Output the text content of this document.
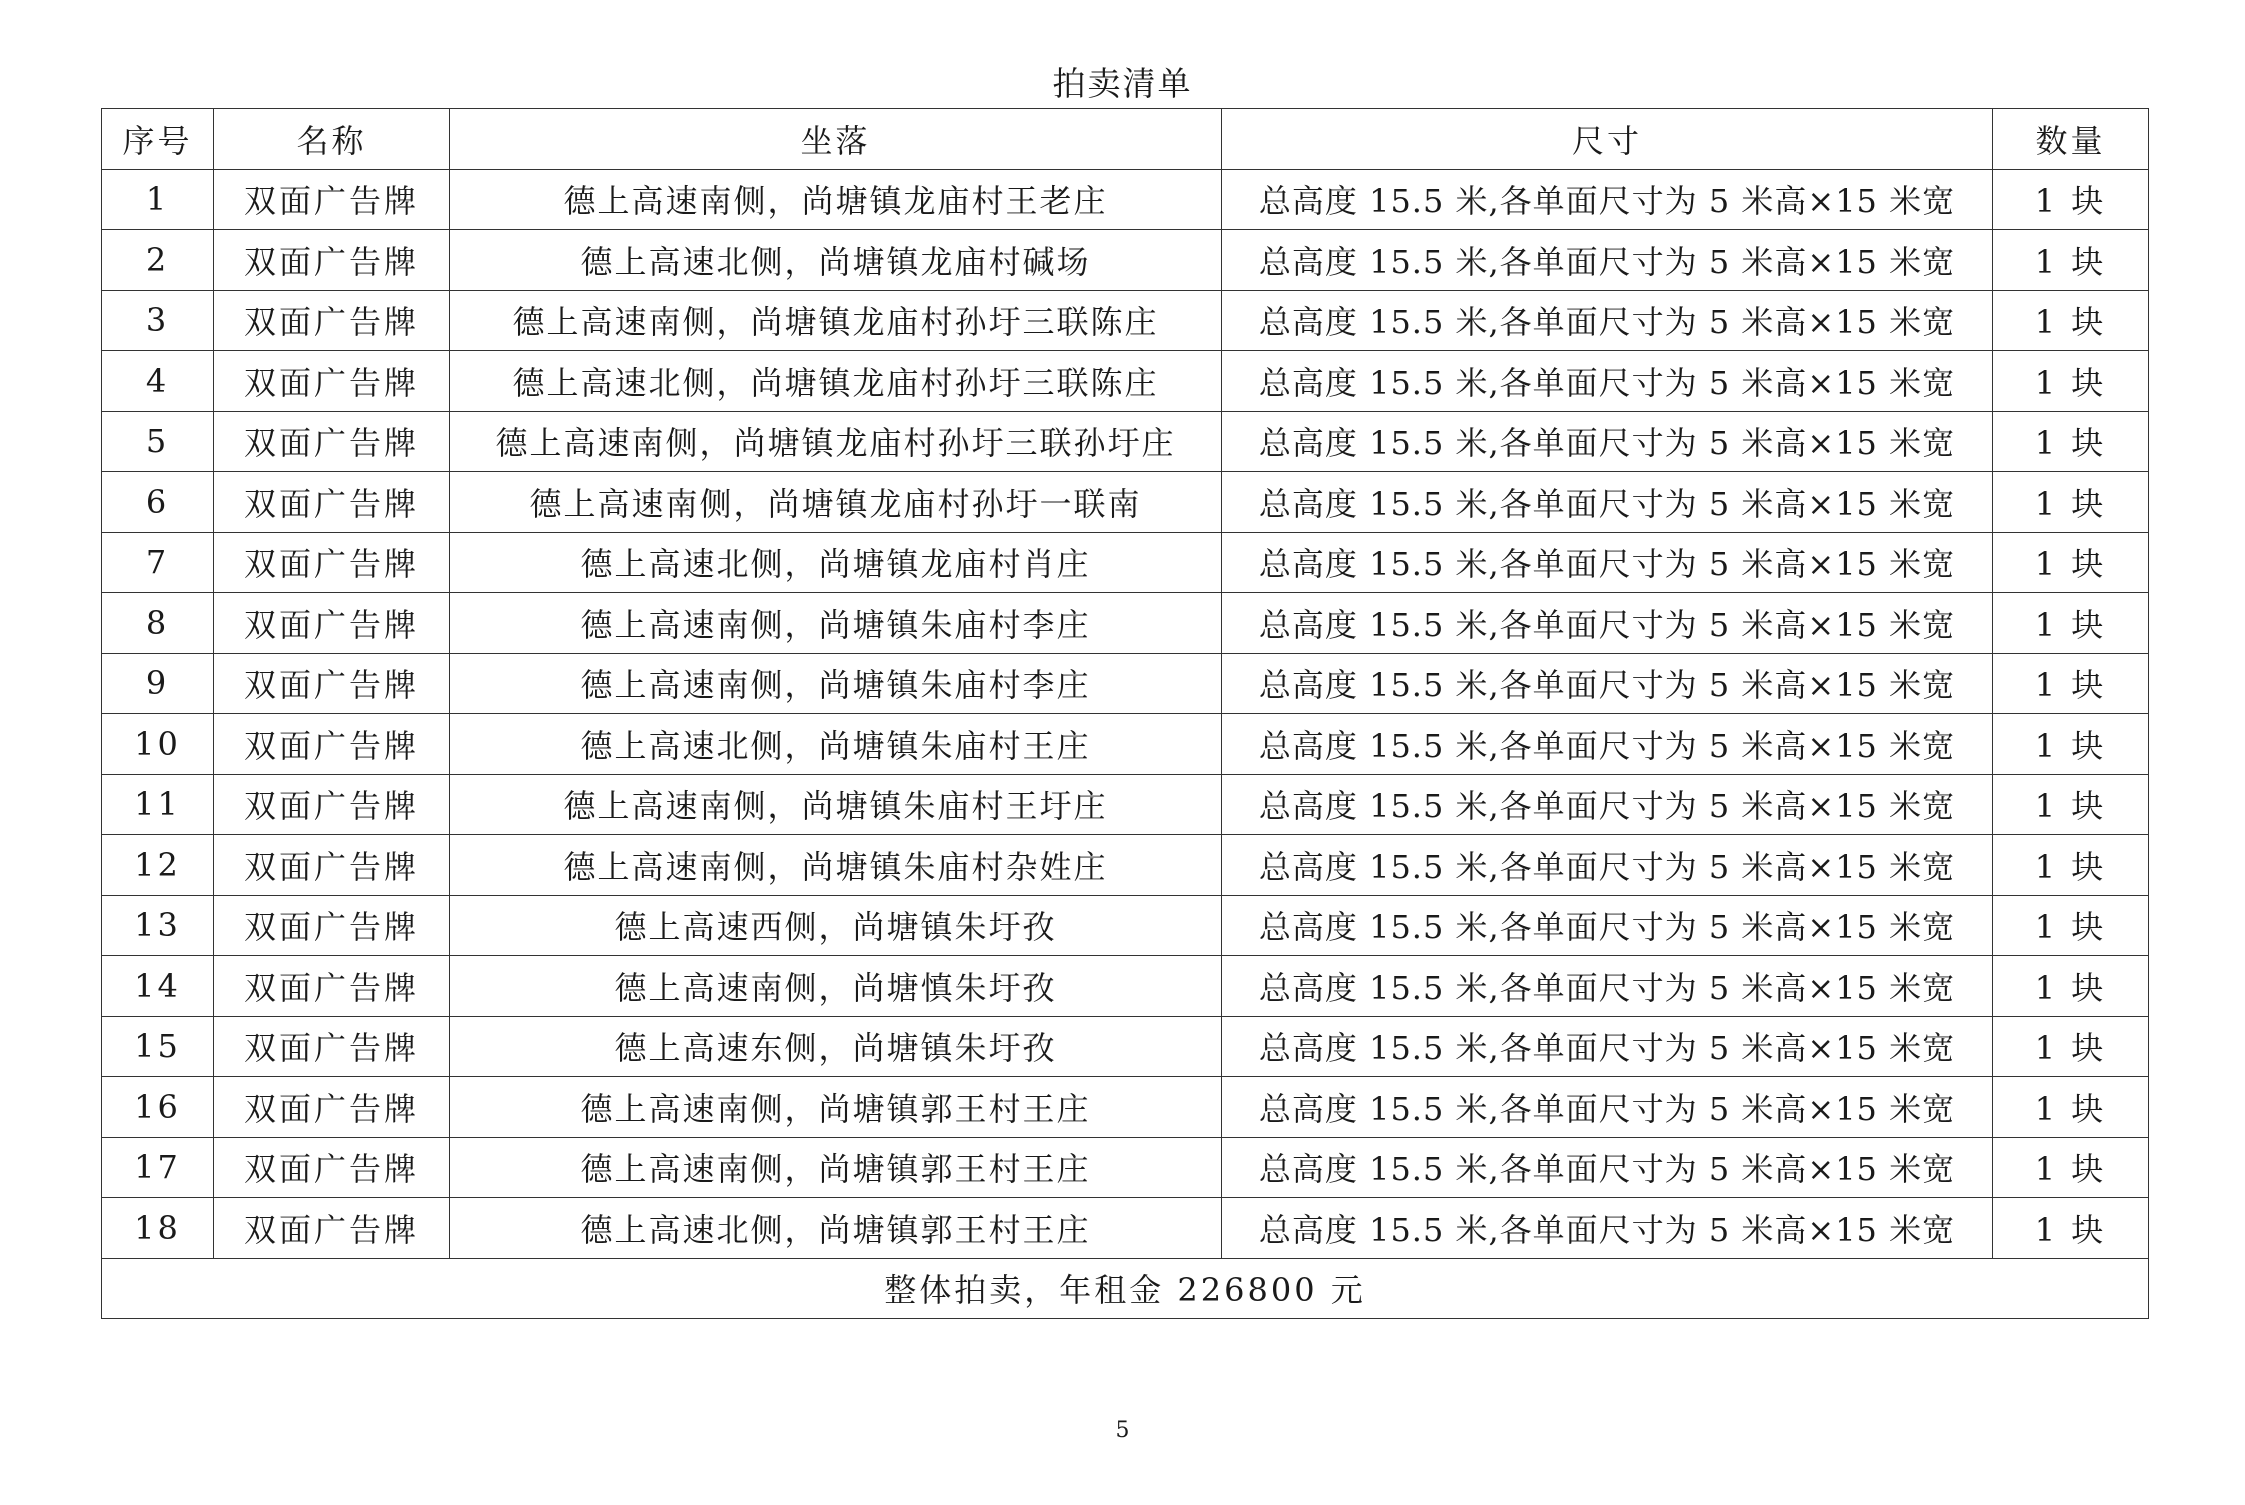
拍卖清单
序号	名称	坐落	尺寸	数量
1	双面广告牌	德上高速南侧，尚塘镇龙庙村王老庄	总高度 15.5 米,各单面尺寸为 5 米高×15 米宽	1 块
2	双面广告牌	德上高速北侧，尚塘镇龙庙村碱场	总高度 15.5 米,各单面尺寸为 5 米高×15 米宽	1 块
3	双面广告牌	德上高速南侧，尚塘镇龙庙村孙圩三联陈庄	总高度 15.5 米,各单面尺寸为 5 米高×15 米宽	1 块
4	双面广告牌	德上高速北侧，尚塘镇龙庙村孙圩三联陈庄	总高度 15.5 米,各单面尺寸为 5 米高×15 米宽	1 块
5	双面广告牌	德上高速南侧，尚塘镇龙庙村孙圩三联孙圩庄	总高度 15.5 米,各单面尺寸为 5 米高×15 米宽	1 块
6	双面广告牌	德上高速南侧，尚塘镇龙庙村孙圩一联南	总高度 15.5 米,各单面尺寸为 5 米高×15 米宽	1 块
7	双面广告牌	德上高速北侧，尚塘镇龙庙村肖庄	总高度 15.5 米,各单面尺寸为 5 米高×15 米宽	1 块
8	双面广告牌	德上高速南侧，尚塘镇朱庙村李庄	总高度 15.5 米,各单面尺寸为 5 米高×15 米宽	1 块
9	双面广告牌	德上高速南侧，尚塘镇朱庙村李庄	总高度 15.5 米,各单面尺寸为 5 米高×15 米宽	1 块
10	双面广告牌	德上高速北侧，尚塘镇朱庙村王庄	总高度 15.5 米,各单面尺寸为 5 米高×15 米宽	1 块
11	双面广告牌	德上高速南侧，尚塘镇朱庙村王圩庄	总高度 15.5 米,各单面尺寸为 5 米高×15 米宽	1 块
12	双面广告牌	德上高速南侧，尚塘镇朱庙村杂姓庄	总高度 15.5 米,各单面尺寸为 5 米高×15 米宽	1 块
13	双面广告牌	德上高速西侧，尚塘镇朱圩孜	总高度 15.5 米,各单面尺寸为 5 米高×15 米宽	1 块
14	双面广告牌	德上高速南侧，尚塘慎朱圩孜	总高度 15.5 米,各单面尺寸为 5 米高×15 米宽	1 块
15	双面广告牌	德上高速东侧，尚塘镇朱圩孜	总高度 15.5 米,各单面尺寸为 5 米高×15 米宽	1 块
16	双面广告牌	德上高速南侧，尚塘镇郭王村王庄	总高度 15.5 米,各单面尺寸为 5 米高×15 米宽	1 块
17	双面广告牌	德上高速南侧，尚塘镇郭王村王庄	总高度 15.5 米,各单面尺寸为 5 米高×15 米宽	1 块
18	双面广告牌	德上高速北侧，尚塘镇郭王村王庄	总高度 15.5 米,各单面尺寸为 5 米高×15 米宽	1 块
整体拍卖，年租金 226800 元				
5
